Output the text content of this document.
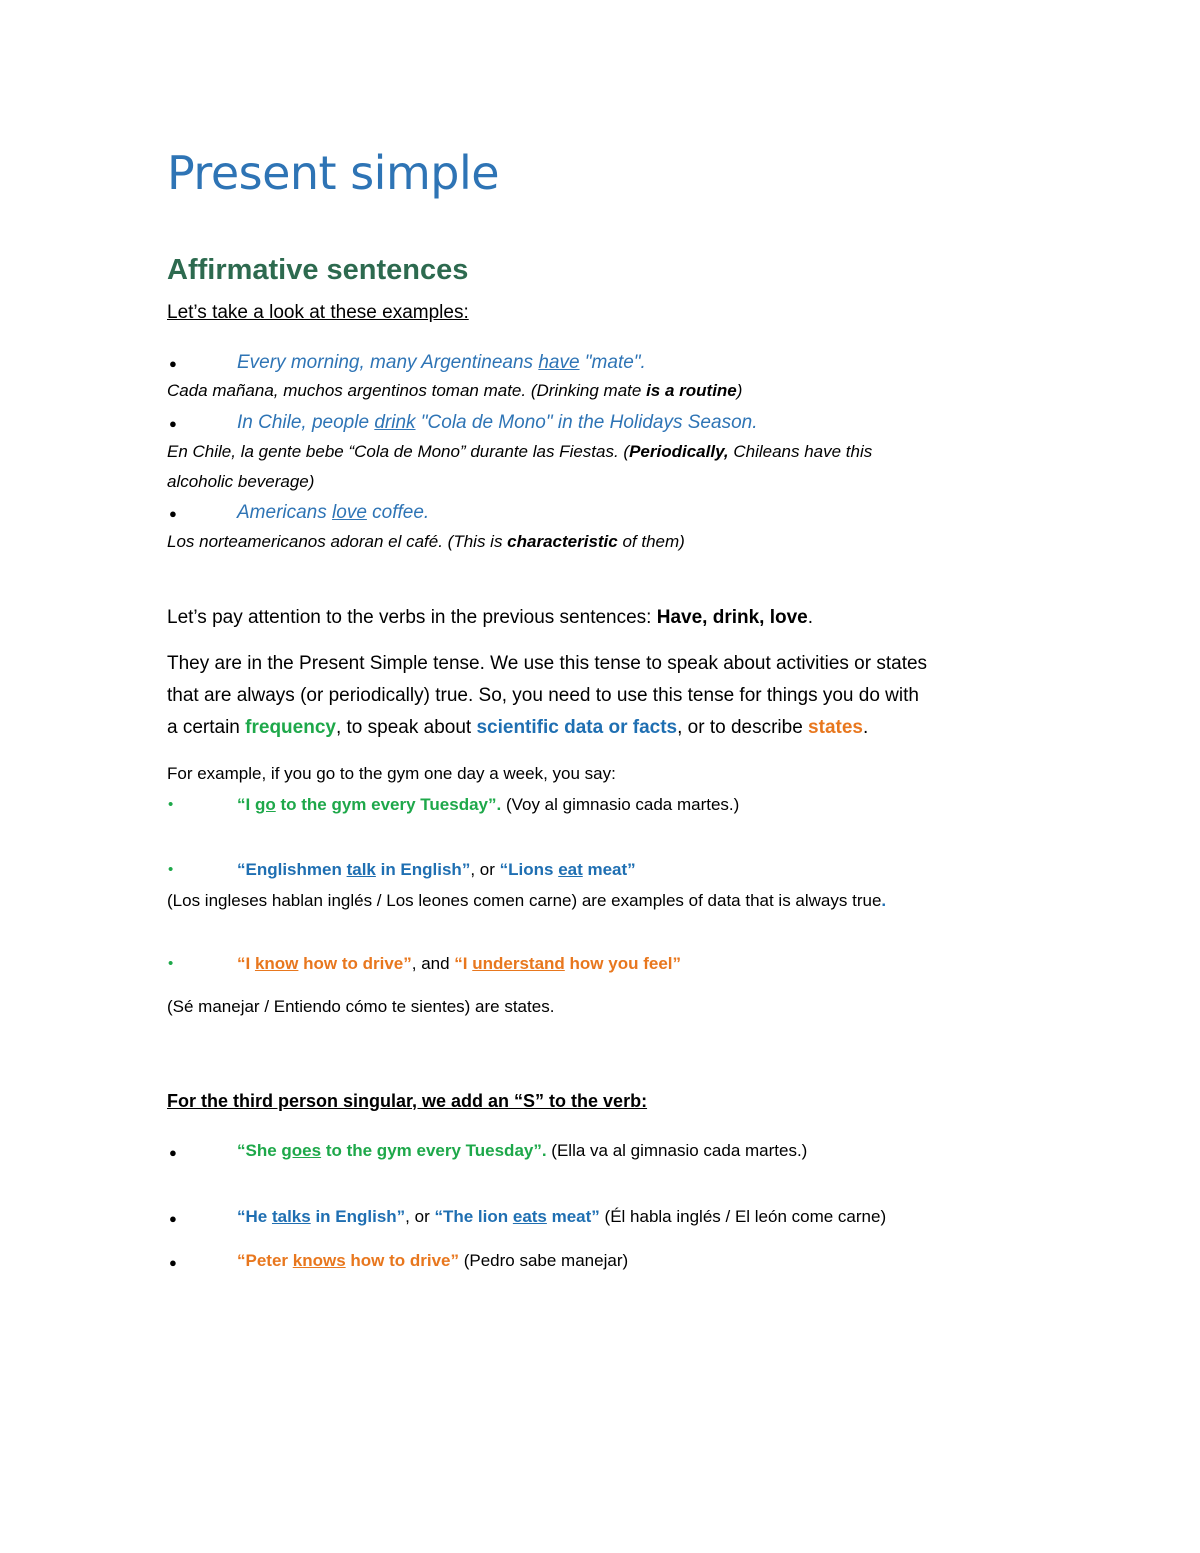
Present simple
Affirmative sentences
Let’s take a look at these examples:
●	Every morning, many Argentineans have "mate".
Cada mañana, muchos argentinos toman mate. (Drinking mate is a routine)
●	In Chile, people drink "Cola de Mono" in the Holidays Season.
En Chile, la gente bebe “Cola de Mono” durante las Fiestas. (Periodically, Chileans have this
alcoholic beverage)
●	Americans love coffee.
Los norteamericanos adoran el café. (This is characteristic of them)
Let’s pay attention to the verbs in the previous sentences: Have, drink, love.
They are in the Present Simple tense. We use this tense to speak about activities or states
that are always (or periodically) true. So, you need to use this tense for things you do with
a certain frequency, to speak about scientific data or facts, or to describe states.
For example, if you go to the gym one day a week, you say:
•	“I go to the gym every Tuesday”. (Voy al gimnasio cada martes.)
•	“Englishmen talk in English”, or “Lions eat meat”
(Los ingleses hablan inglés / Los leones comen carne) are examples of data that is always true.
•	“I know how to drive”, and “I understand how you feel”
(Sé manejar / Entiendo cómo te sientes) are states.
For the third person singular, we add an “S” to the verb:
●	“She goes to the gym every Tuesday”. (Ella va al gimnasio cada martes.)
●	“He talks in English”, or “The lion eats meat” (Él habla inglés / El león come carne)
●	“Peter knows how to drive” (Pedro sabe manejar)
